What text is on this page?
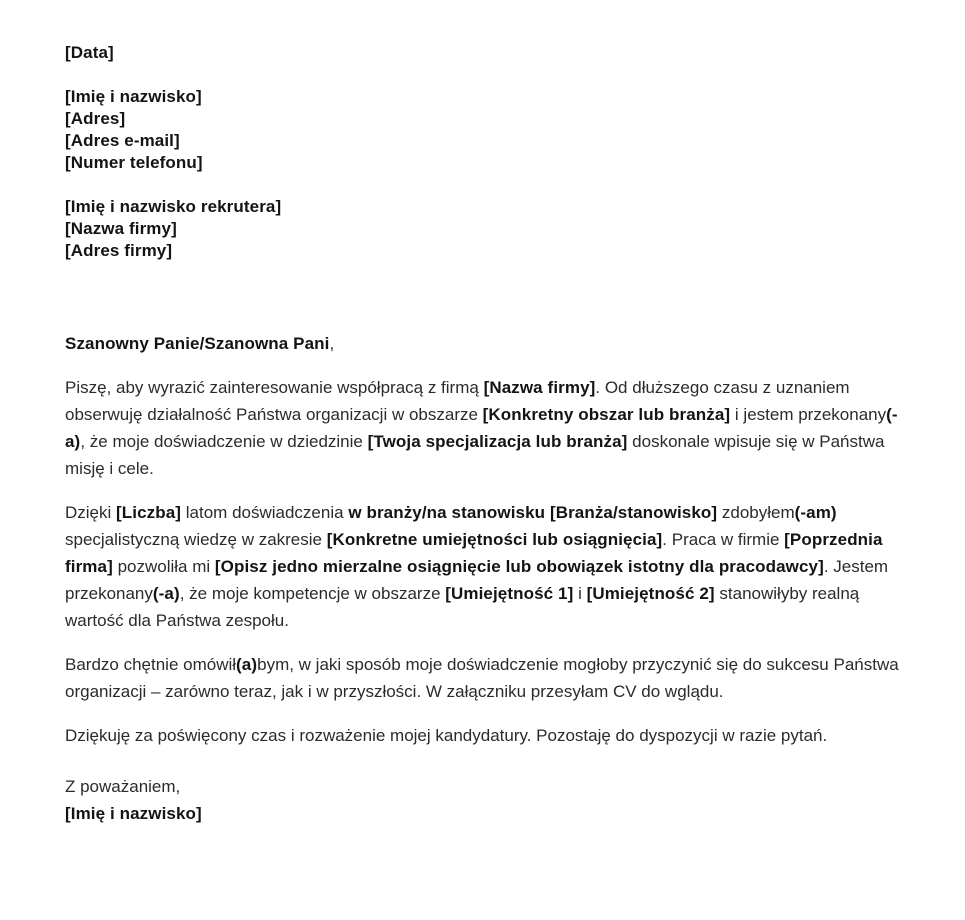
[Data]
[Imię i nazwisko]
[Adres]
[Adres e-mail]
[Numer telefonu]
[Imię i nazwisko rekrutera]
[Nazwa firmy]
[Adres firmy]

Szanowny Panie/Szanowna Pani,

Piszę, aby wyrazić zainteresowanie współpracą z firmą [Nazwa firmy]. Od dłuższego czasu z uznaniem obserwuję działalność Państwa organizacji w obszarze [Konkretny obszar lub branża] i jestem przekonany(-a), że moje doświadczenie w dziedzinie [Twoja specjalizacja lub branża] doskonale wpisuje się w Państwa misję i cele.

Dzięki [Liczba] latom doświadczenia w branży/na stanowisku [Branża/stanowisko] zdobyłem(-am) specjalistyczną wiedzę w zakresie [Konkretne umiejętności lub osiągnięcia]. Praca w firmie [Poprzednia firma] pozwoliła mi [Opisz jedno mierzalne osiągnięcie lub obowiązek istotny dla pracodawcy]. Jestem przekonany(-a), że moje kompetencje w obszarze [Umiejętność 1] i [Umiejętność 2] stanowiłyby realną wartość dla Państwa zespołu.

Bardzo chętnie omówił(a)bym, w jaki sposób moje doświadczenie mogłoby przyczynić się do sukcesu Państwa organizacji – zarówno teraz, jak i w przyszłości. W załączniku przesyłam CV do wglądu.

Dziękuję za poświęcony czas i rozważenie mojej kandydatury. Pozostaję do dyspozycji w razie pytań.

Z poważaniem,
[Imię i nazwisko]
